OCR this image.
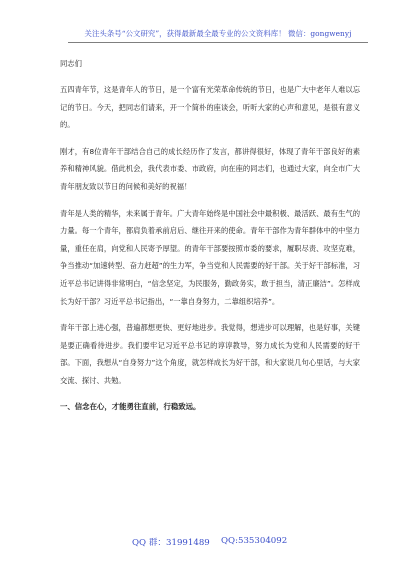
关注头条号“公文研究”，获得最新最全最专业的公文资料库！ 微信：gongwenyj

同志们

五四青年节，这是青年人的节日，是一个富有光荣革命传统的节日，也是广大中老年人难以忘记的节日。今天，把同志们请来，开一个简朴的座谈会，听听大家的心声和意见，是很有意义的。

刚才，有8位青年干部结合自己的成长经历作了发言，都讲得很好，体现了青年干部良好的素养和精神风貌。借此机会，我代表市委、市政府，向在座的同志们，也通过大家，向全市广大青年朋友致以节日的问候和美好的祝福！

青年是人类的精华，未来属于青年。广大青年始终是中国社会中最积极、最活跃、最有生气的力量。每一个青年，都肩负着承前启后、继往开来的使命。青年干部作为青年群体中的中坚力量，重任在肩，向党和人民寄予厚望。的青年干部要按照市委的要求，履职尽责、攻坚克难，争当推动“加速转型、奋力赶超”的生力军，争当党和人民需要的好干部。关于好干部标准，习近平总书记讲得非常明白，“信念坚定，为民服务，勤政务实，敢于担当，清正廉洁”。怎样成长为好干部？习近平总书记指出，“一靠自身努力，二靠组织培养”。

青年干部上进心强，普遍都想更快、更好地进步。我觉得，想进步可以理解，也是好事，关键是要正确看待进步。我们要牢记习近平总书记的谆谆教导，努力成长为党和人民需要的好干部。下面，我想从“自身努力”这个角度，就怎样成长为好干部，和大家说几句心里话，与大家交流、探讨、共勉。

一、信念在心，才能勇往直前，行稳致远。

QQ 群：31991489 QQ:535304092
